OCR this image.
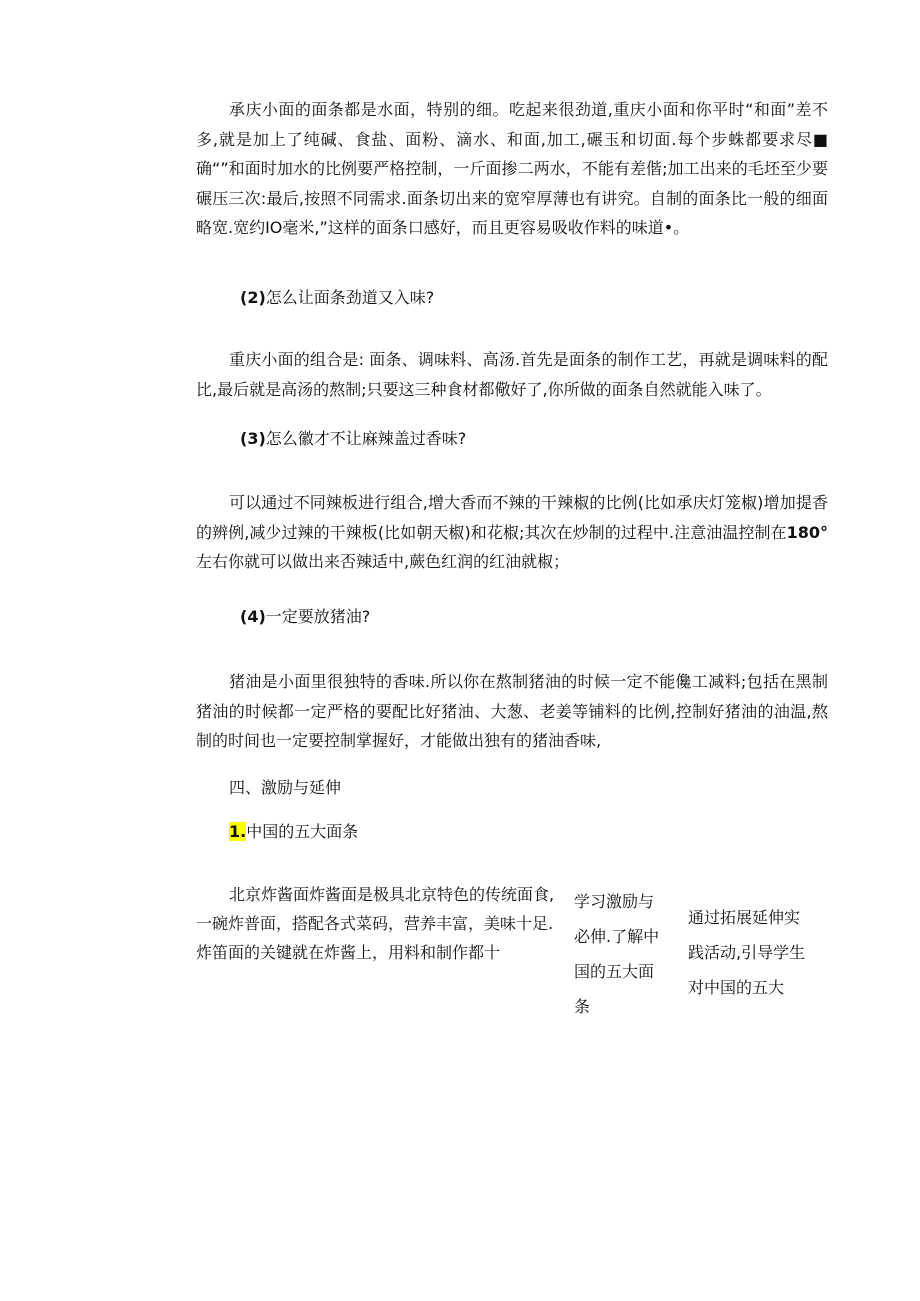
承庆小面的面条都是水面，特别的细。吃起来很劲道,重庆小面和你平时“和面”差不多,就是加上了纯碱、食盐、面粉、滴水、和面,加工,碾玉和切面.每个步蛛都要求尽■确“”和面时加水的比例要严格控制，一斤面掺二两水，不能有差偕;加工出来的毛坯至少要碾压三次:最后,按照不同需求.面条切出来的宽窄厚薄也有讲究。自制的面条比一般的细面略宽.宽约IO毫米,”这样的面条口感好，而且更容易吸收作料的味道•。

(2)怎么让面条劲道又入味?

重庆小面的组合是: 面条、调味料、高汤.首先是面条的制作工艺，再就是调味料的配比,最后就是高汤的熬制;只要这三种食材都儆好了,你所做的面条自然就能入味了。

(3)怎么徽才不让麻辣盖过香味?

可以通过不同辣板进行组合,增大香而不辣的干辣椒的比例(比如承庆灯笼椒)增加提香的辨例,减少过辣的干辣板(比如朝天椒)和花椒;其次在炒制的过程中.注意油温控制在180°左右你就可以做出来否辣适中,蕨色红润的红油就椒；

(4)一定要放猪油?

猪油是小面里很独特的香味.所以你在熬制猪油的时候一定不能儳工减料;包括在黑制猪油的时候都一定严格的要配比好猪油、大葱、老姜等铺料的比例,控制好猪油的油温,熬制的时间也一定要控制掌握好，才能做出独有的猪油香味,

四、激励与延伸

1.中国的五大面条

北京炸酱面炸酱面是极具北京特色的传统面食,一碗炸普面，搭配各式菜码，营养丰富，美味十足.炸笛面的关键就在炸酱上，用料和制作都十

学习激励与必伸.了解中国的五大面条

通过拓展延伸实践活动,引导学生对中国的五大
